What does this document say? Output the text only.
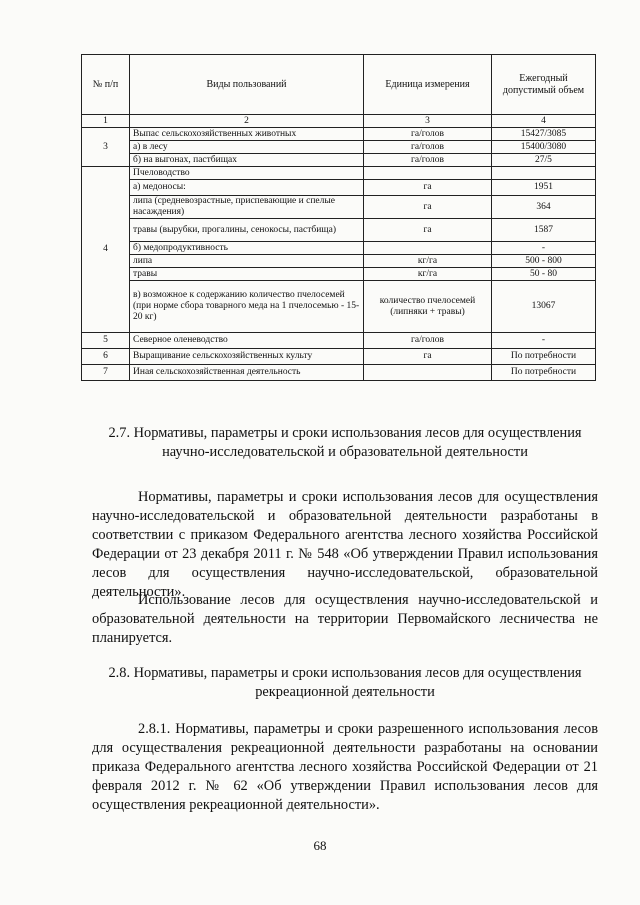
№ п/п	Виды пользований	Единица измерения	Ежегодный допустимый объем
1	2	3	4
3	Выпас сельскохозяйственных животных	га/голов	15427/3085
	а) в лесу	га/голов	15400/3080
	б) на выгонах, пастбищах	га/голов	27/5
4	Пчеловодство		
	а) медоносы:	га	1951
	липа (средневозрастные, приспевающие и спелые насаждения)	га	364
	травы (вырубки, прогалины, сенокосы, пастбища)	га	1587
	б) медопродуктивность		-
	липа	кг/га	500 - 800
	травы	кг/га	50 - 80
	в) возможное к содержанию количество пчелосемей (при норме сбора товарного меда на 1 пчелосемью - 15-20 кг)	количество пчелосемей (липняки + травы)	13067
5	Северное оленеводство	га/голов	-
6	Выращивание сельскохозяйственных культу	га	По потребности
7	Иная сельскохозяйственная деятельность		По потребности
2.7. Нормативы, параметры и сроки использования лесов для осуществления научно-исследовательской и образовательной деятельности

Нормативы, параметры и сроки использования лесов для осуществления научно-исследовательской и образовательной деятельности разработаны в соответствии с приказом Федерального агентства лесного хозяйства Российской Федерации от 23 декабря 2011 г. № 548 «Об утверждении Правил использования лесов для осуществления научно-исследовательской, образовательной деятельности».

Использование лесов для осуществления научно-исследовательской и образовательной деятельности на территории Первомайского лесничества не планируется.

2.8. Нормативы, параметры и сроки использования лесов для осуществления рекреационной деятельности

2.8.1. Нормативы, параметры и сроки разрешенного использования лесов для осуществаления рекреационной деятельности разработаны на основании приказа Федерального агентства лесного хозяйства Российской Федерации от 21 февраля 2012 г. № 62 «Об утверждении Правил использования лесов для осуществления рекреационной деятельности».

68
